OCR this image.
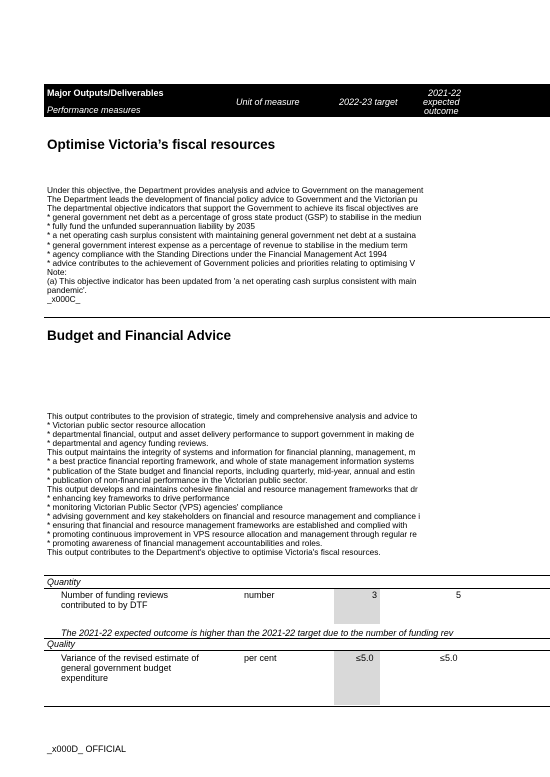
Major Outputs/Deliverables
Performance measures
Unit of measure	2022-23 target
2021-22
expected
outcome
Optimise Victoria’s fiscal resources
Under this objective, the Department provides analysis and advice to Government on the management
The Department leads the development of financial policy advice to Government and the Victorian pu
The departmental objective indicators that support the Government to achieve its fiscal objectives are
* general government net debt as a percentage of gross state product (GSP) to stabilise in the mediun
* fully fund the unfunded superannuation liability by 2035
* a net operating cash surplus consistent with maintaining general government net debt at a sustaina
* general government interest expense as a percentage of revenue to stabilise in the medium term
* agency compliance with the Standing Directions under the Financial Management Act 1994
* advice contributes to the achievement of Government policies and priorities relating to optimising V
Note:
(a) This objective indicator has been updated from 'a net operating cash surplus consistent with main
pandemic'.
_x000C_
Budget and Financial Advice
This output contributes to the provision of strategic, timely and comprehensive analysis and advice to
* Victorian public sector resource allocation
* departmental financial, output and asset delivery performance to support government in making de
* departmental and agency funding reviews.
This output maintains the integrity of systems and information for financial planning, management, m
* a best practice financial reporting framework, and whole of state management information systems
* publication of the State budget and financial reports, including quarterly, mid-year, annual and estin
* publication of non-financial performance in the Victorian public sector.
This output develops and maintains cohesive financial and resource management frameworks that dr
* enhancing key frameworks to drive performance
* monitoring Victorian Public Sector (VPS) agencies' compliance
* advising government and key stakeholders on financial and resource management and compliance i
* ensuring that financial and resource management frameworks are established and complied with
* promoting continuous improvement in VPS resource allocation and management through regular re
* promoting awareness of financial management accountabilities and roles.
This output contributes to the Department's objective to optimise Victoria's fiscal resources.
Quantity
Number of funding reviews
contributed to by DTF
number	3	5
The 2021-22 expected outcome is higher than the 2021-22 target due to the number of funding rev
Quality
Variance of the revised estimate of
general government budget
expenditure
per cent	≤5.0	≤5.0
_x000D_ OFFICIAL
